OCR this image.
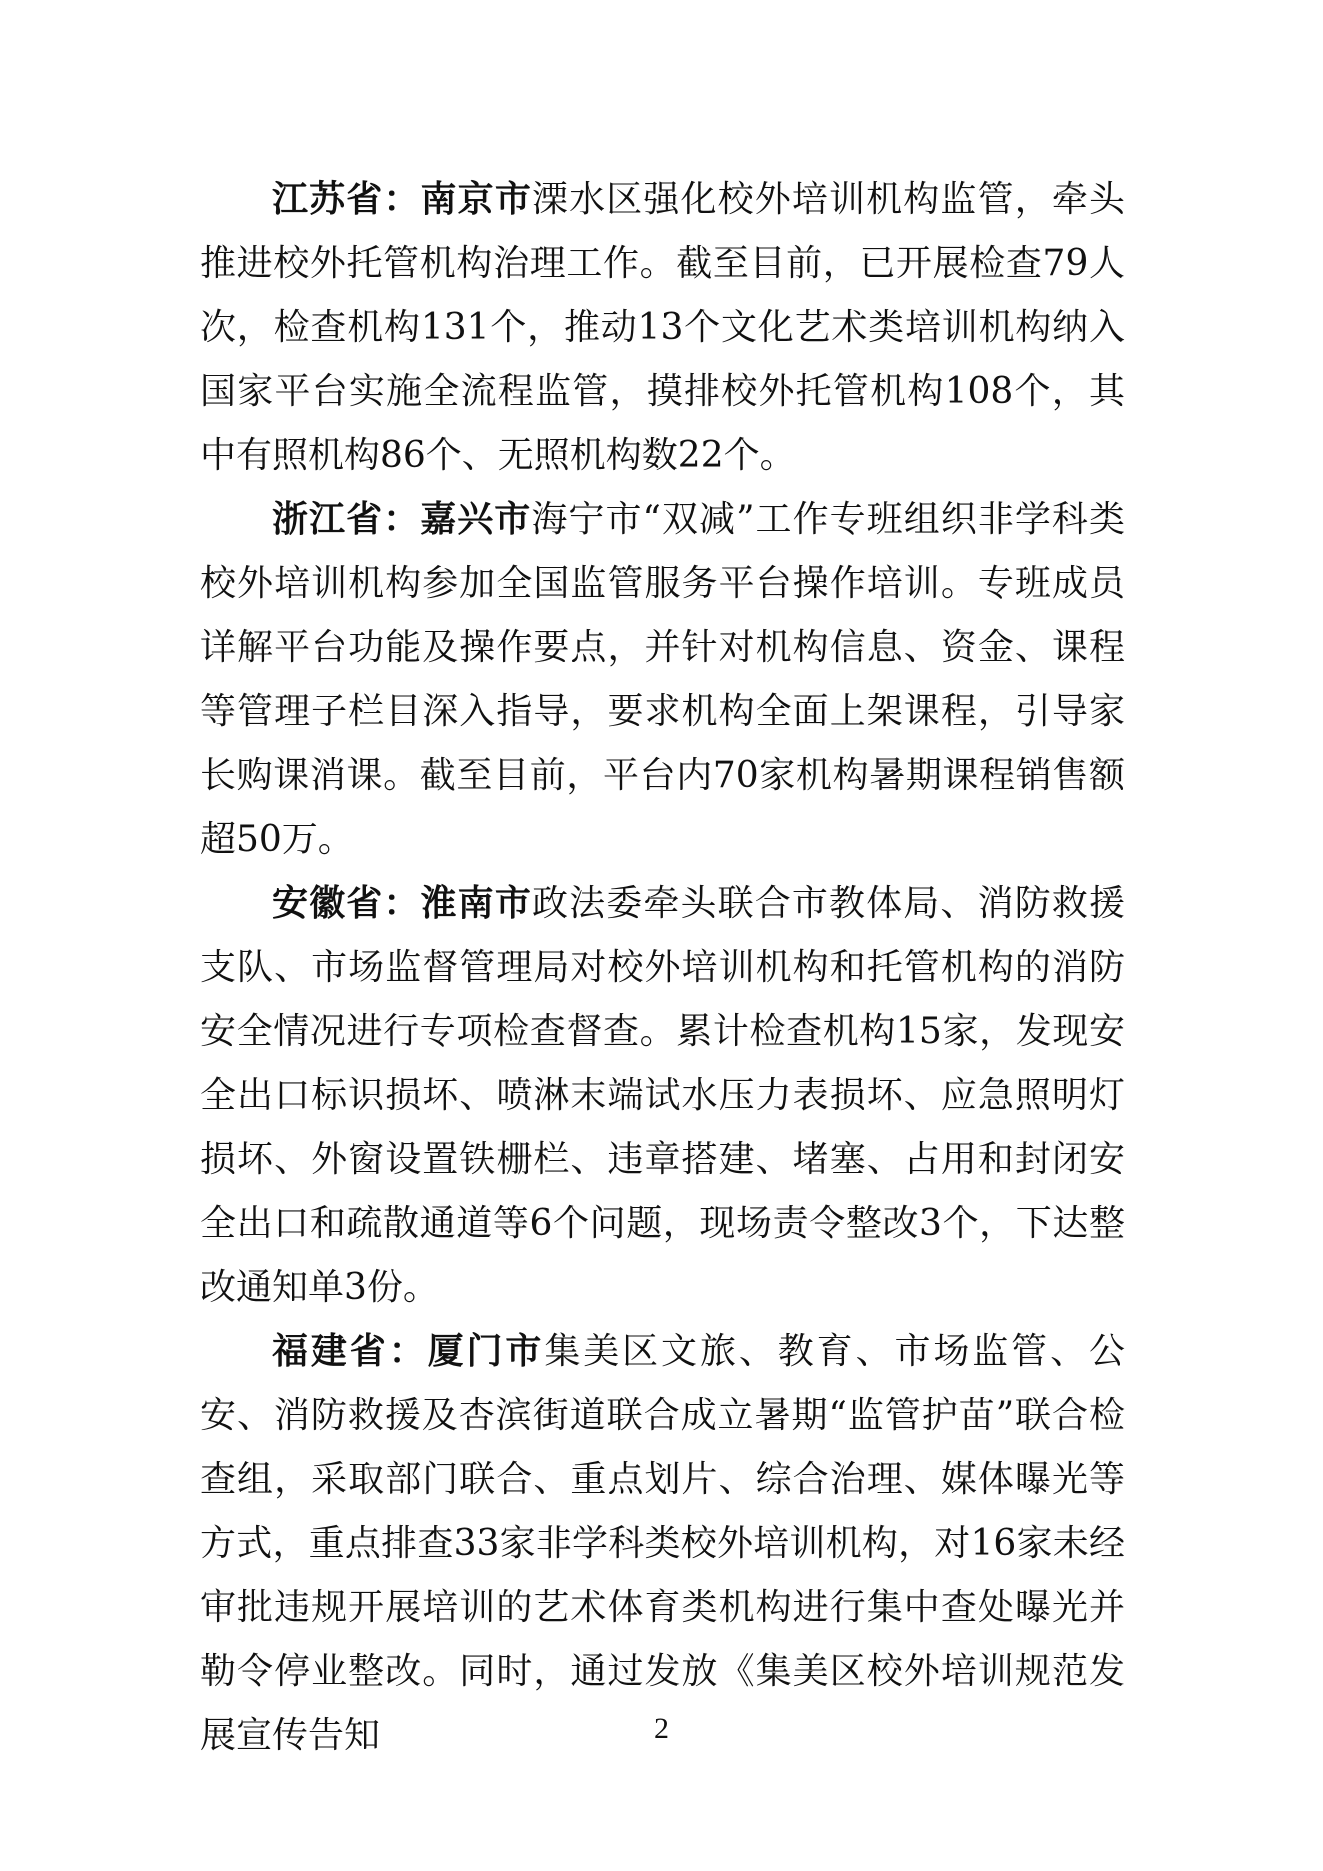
江苏省：南京市溧水区强化校外培训机构监管，牵头推进校外托管机构治理工作。截至目前，已开展检查79人次，检查机构131个，推动13个文化艺术类培训机构纳入国家平台实施全流程监管，摸排校外托管机构108个，其中有照机构86个、无照机构数22个。

浙江省：嘉兴市海宁市“双减”工作专班组织非学科类校外培训机构参加全国监管服务平台操作培训。专班成员详解平台功能及操作要点，并针对机构信息、资金、课程等管理子栏目深入指导，要求机构全面上架课程，引导家长购课消课。截至目前，平台内70家机构暑期课程销售额超50万。

安徽省：淮南市政法委牵头联合市教体局、消防救援支队、市场监督管理局对校外培训机构和托管机构的消防安全情况进行专项检查督查。累计检查机构15家，发现安全出口标识损坏、喷淋末端试水压力表损坏、应急照明灯损坏、外窗设置铁栅栏、违章搭建、堵塞、占用和封闭安全出口和疏散通道等6个问题，现场责令整改3个，下达整改通知单3份。

福建省：厦门市集美区文旅、教育、市场监管、公安、消防救援及杏滨街道联合成立暑期“监管护苗”联合检查组，采取部门联合、重点划片、综合治理、媒体曝光等方式，重点排查33家非学科类校外培训机构，对16家未经审批违规开展培训的艺术体育类机构进行集中查处曝光并勒令停业整改。同时，通过发放《集美区校外培训规范发展宣传告知	2
